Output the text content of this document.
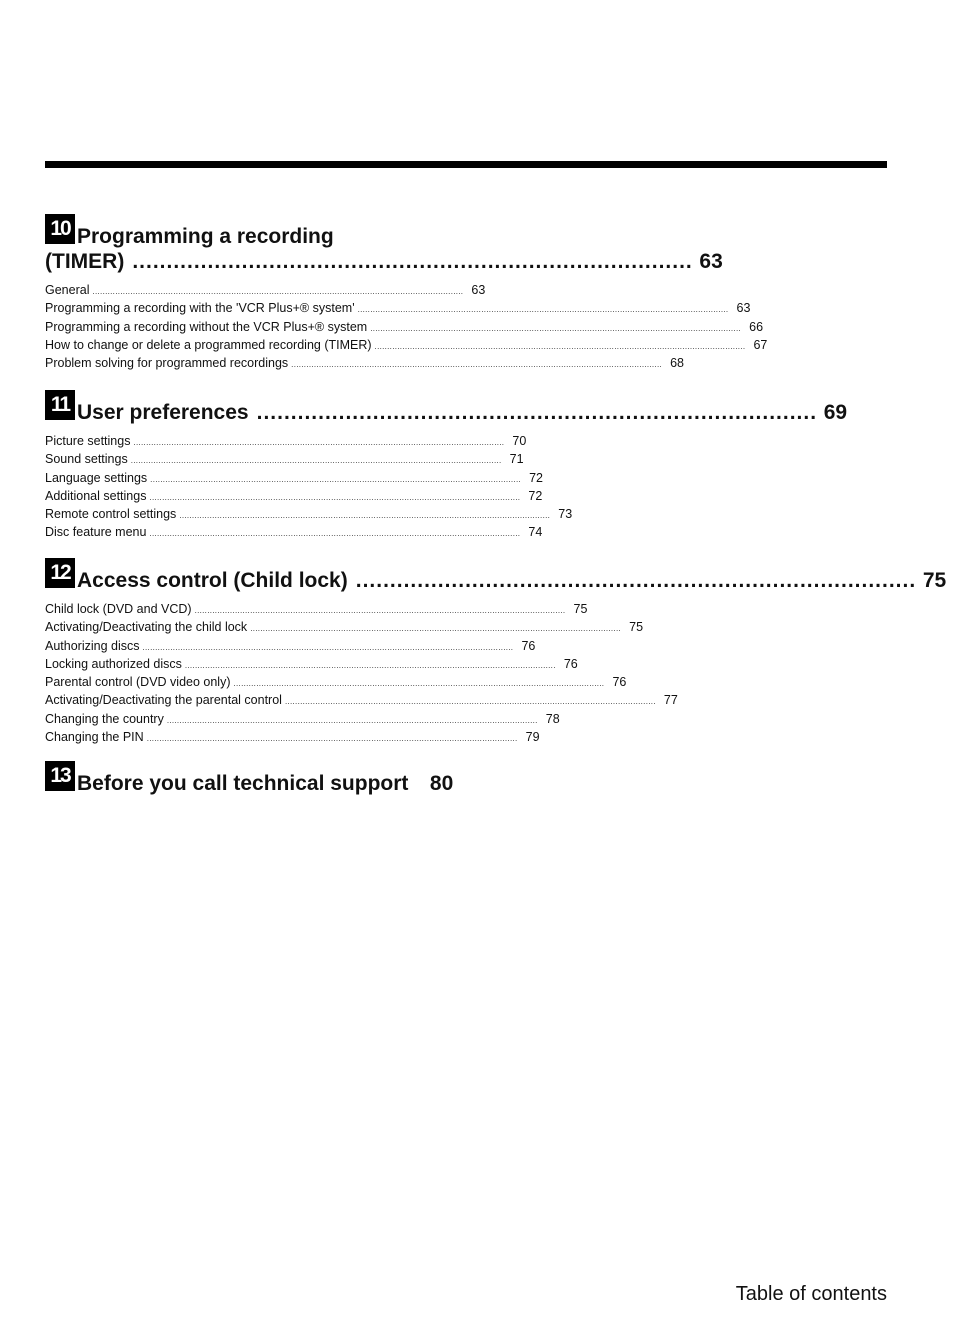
10 Programming a recording
(TIMER) .................................................................................. 63
General ................................................................................................................................................... 63
Programming a recording with the 'VCR Plus+® system' ................................................................................................................................................... 63
Programming a recording without the VCR Plus+® system ................................................................................................................................................... 66
How to change or delete a programmed recording (TIMER) ................................................................................................................................................... 67
Problem solving for programmed recordings ................................................................................................................................................... 68
11 User preferences .................................................................................. 69
Picture settings ................................................................................................................................................... 70
Sound settings ................................................................................................................................................... 71
Language settings ................................................................................................................................................... 72
Additional settings ................................................................................................................................................... 72
Remote control settings ................................................................................................................................................... 73
Disc feature menu ................................................................................................................................................... 74
12 Access control (Child lock) .................................................................................. 75
Child lock (DVD and VCD) ................................................................................................................................................... 75
Activating/Deactivating the child lock ................................................................................................................................................... 75
Authorizing discs ................................................................................................................................................... 76
Locking authorized discs ................................................................................................................................................... 76
Parental control (DVD video only) ................................................................................................................................................... 76
Activating/Deactivating the parental control ................................................................................................................................................... 77
Changing the country ................................................................................................................................................... 78
Changing the PIN ................................................................................................................................................... 79
13 Before you call technical support 80
Table of contents
